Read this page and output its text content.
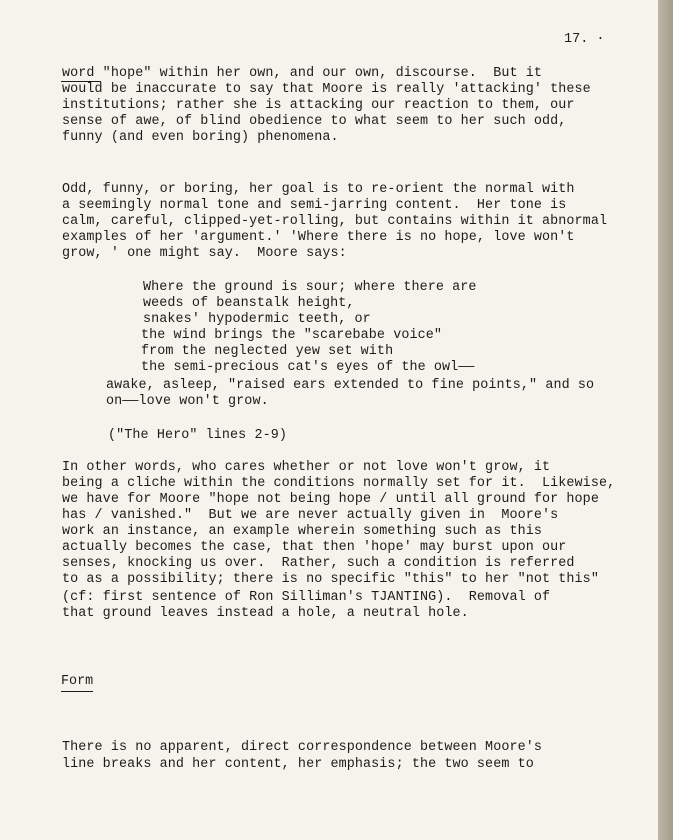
17. ·
word "hope" within her own, and our own, discourse.  But it
would be inaccurate to say that Moore is really 'attacking' these
institutions; rather she is attacking our reaction to them, our
sense of awe, of blind obedience to what seem to her such odd,
funny (and even boring) phenomena.
Odd, funny, or boring, her goal is to re-orient the normal with
a seemingly normal tone and semi-jarring content.  Her tone is
calm, careful, clipped-yet-rolling, but contains within it abnormal
examples of her 'argument.' 'Where there is no hope, love won't
grow, ' one might say.  Moore says:
Where the ground is sour; where there are
weeds of beanstalk height,
snakes' hypodermic teeth, or
the wind brings the "scarebabe voice"
from the neglected yew set with
the semi-precious cat's eyes of the owl——
awake, asleep, "raised ears extended to fine points," and so
on——love won't grow.
("The Hero" lines 2-9)
In other words, who cares whether or not love won't grow, it
being a cliche within the conditions normally set for it.  Likewise,
we have for Moore "hope not being hope / until all ground for hope
has / vanished."  But we are never actually given in  Moore's
work an instance, an example wherein something such as this
actually becomes the case, that then 'hope' may burst upon our
senses, knocking us over.  Rather, such a condition is referred
to as a possibility; there is no specific "this" to her "not this"
(cf: first sentence of Ron Silliman's TJANTING).  Removal of
that ground leaves instead a hole, a neutral hole.
Form
There is no apparent, direct correspondence between Moore's
line breaks and her content, her emphasis; the two seem to
